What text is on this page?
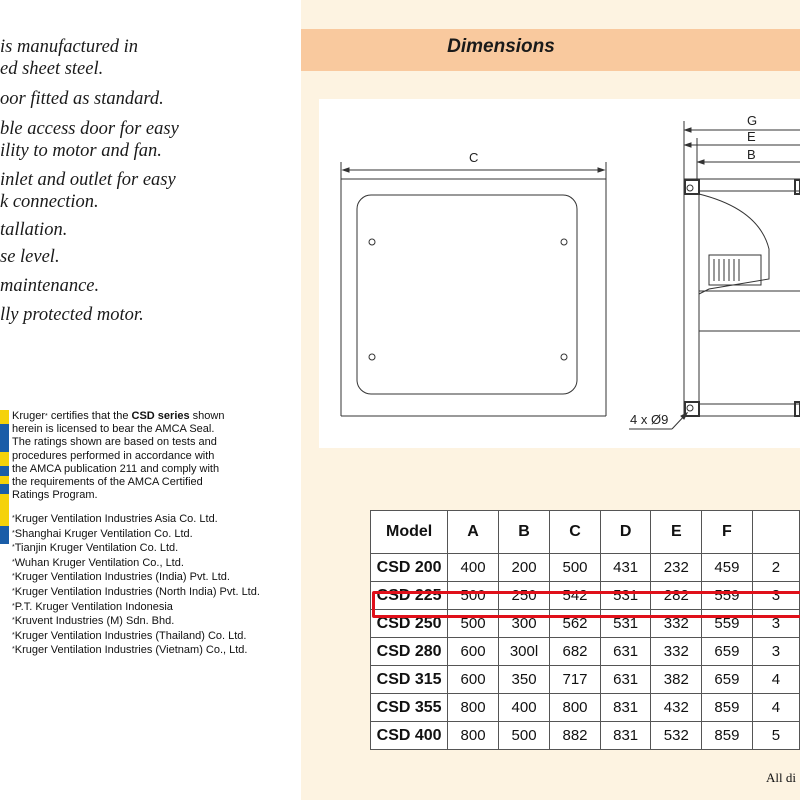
is manufactured in
ed sheet steel.
oor fitted as standard.
ble access door for easy
ility to motor and fan.
inlet and outlet for easy
k connection.
tallation.
se level.
maintenance.
lly protected motor.
Kruger* certifies that the CSD series shown
herein is licensed to bear the AMCA Seal.
The ratings shown are based on tests and
procedures performed in accordance with
the AMCA publication 211 and comply with
the requirements of the AMCA Certified
Ratings Program.
*Kruger Ventilation Industries Asia Co. Ltd.
*Shanghai Kruger Ventilation Co. Ltd.
*Tianjin Kruger Ventilation Co. Ltd.
*Wuhan Kruger Ventilation Co., Ltd.
*Kruger Ventilation Industries (India) Pvt. Ltd.
*Kruger Ventilation Industries (North India) Pvt. Ltd.
*P.T. Kruger Ventilation Indonesia
*Kruvent Industries (M) Sdn. Bhd.
*Kruger Ventilation Industries (Thailand) Co. Ltd.
*Kruger Ventilation Industries (Vietnam) Co., Ltd.
Dimensions
C
G
E
B
4 x Ø9
Model	A	B	C	D	E	F	
CSD 200	400	200	500	431	232	459	2
CSD 225	500	250	542	531	282	559	3
CSD 250	500	300	562	531	332	559	3
CSD 280	600	300l	682	631	332	659	3
CSD 315	600	350	717	631	382	659	4
CSD 355	800	400	800	831	432	859	4
CSD 400	800	500	882	831	532	859	5
All di
